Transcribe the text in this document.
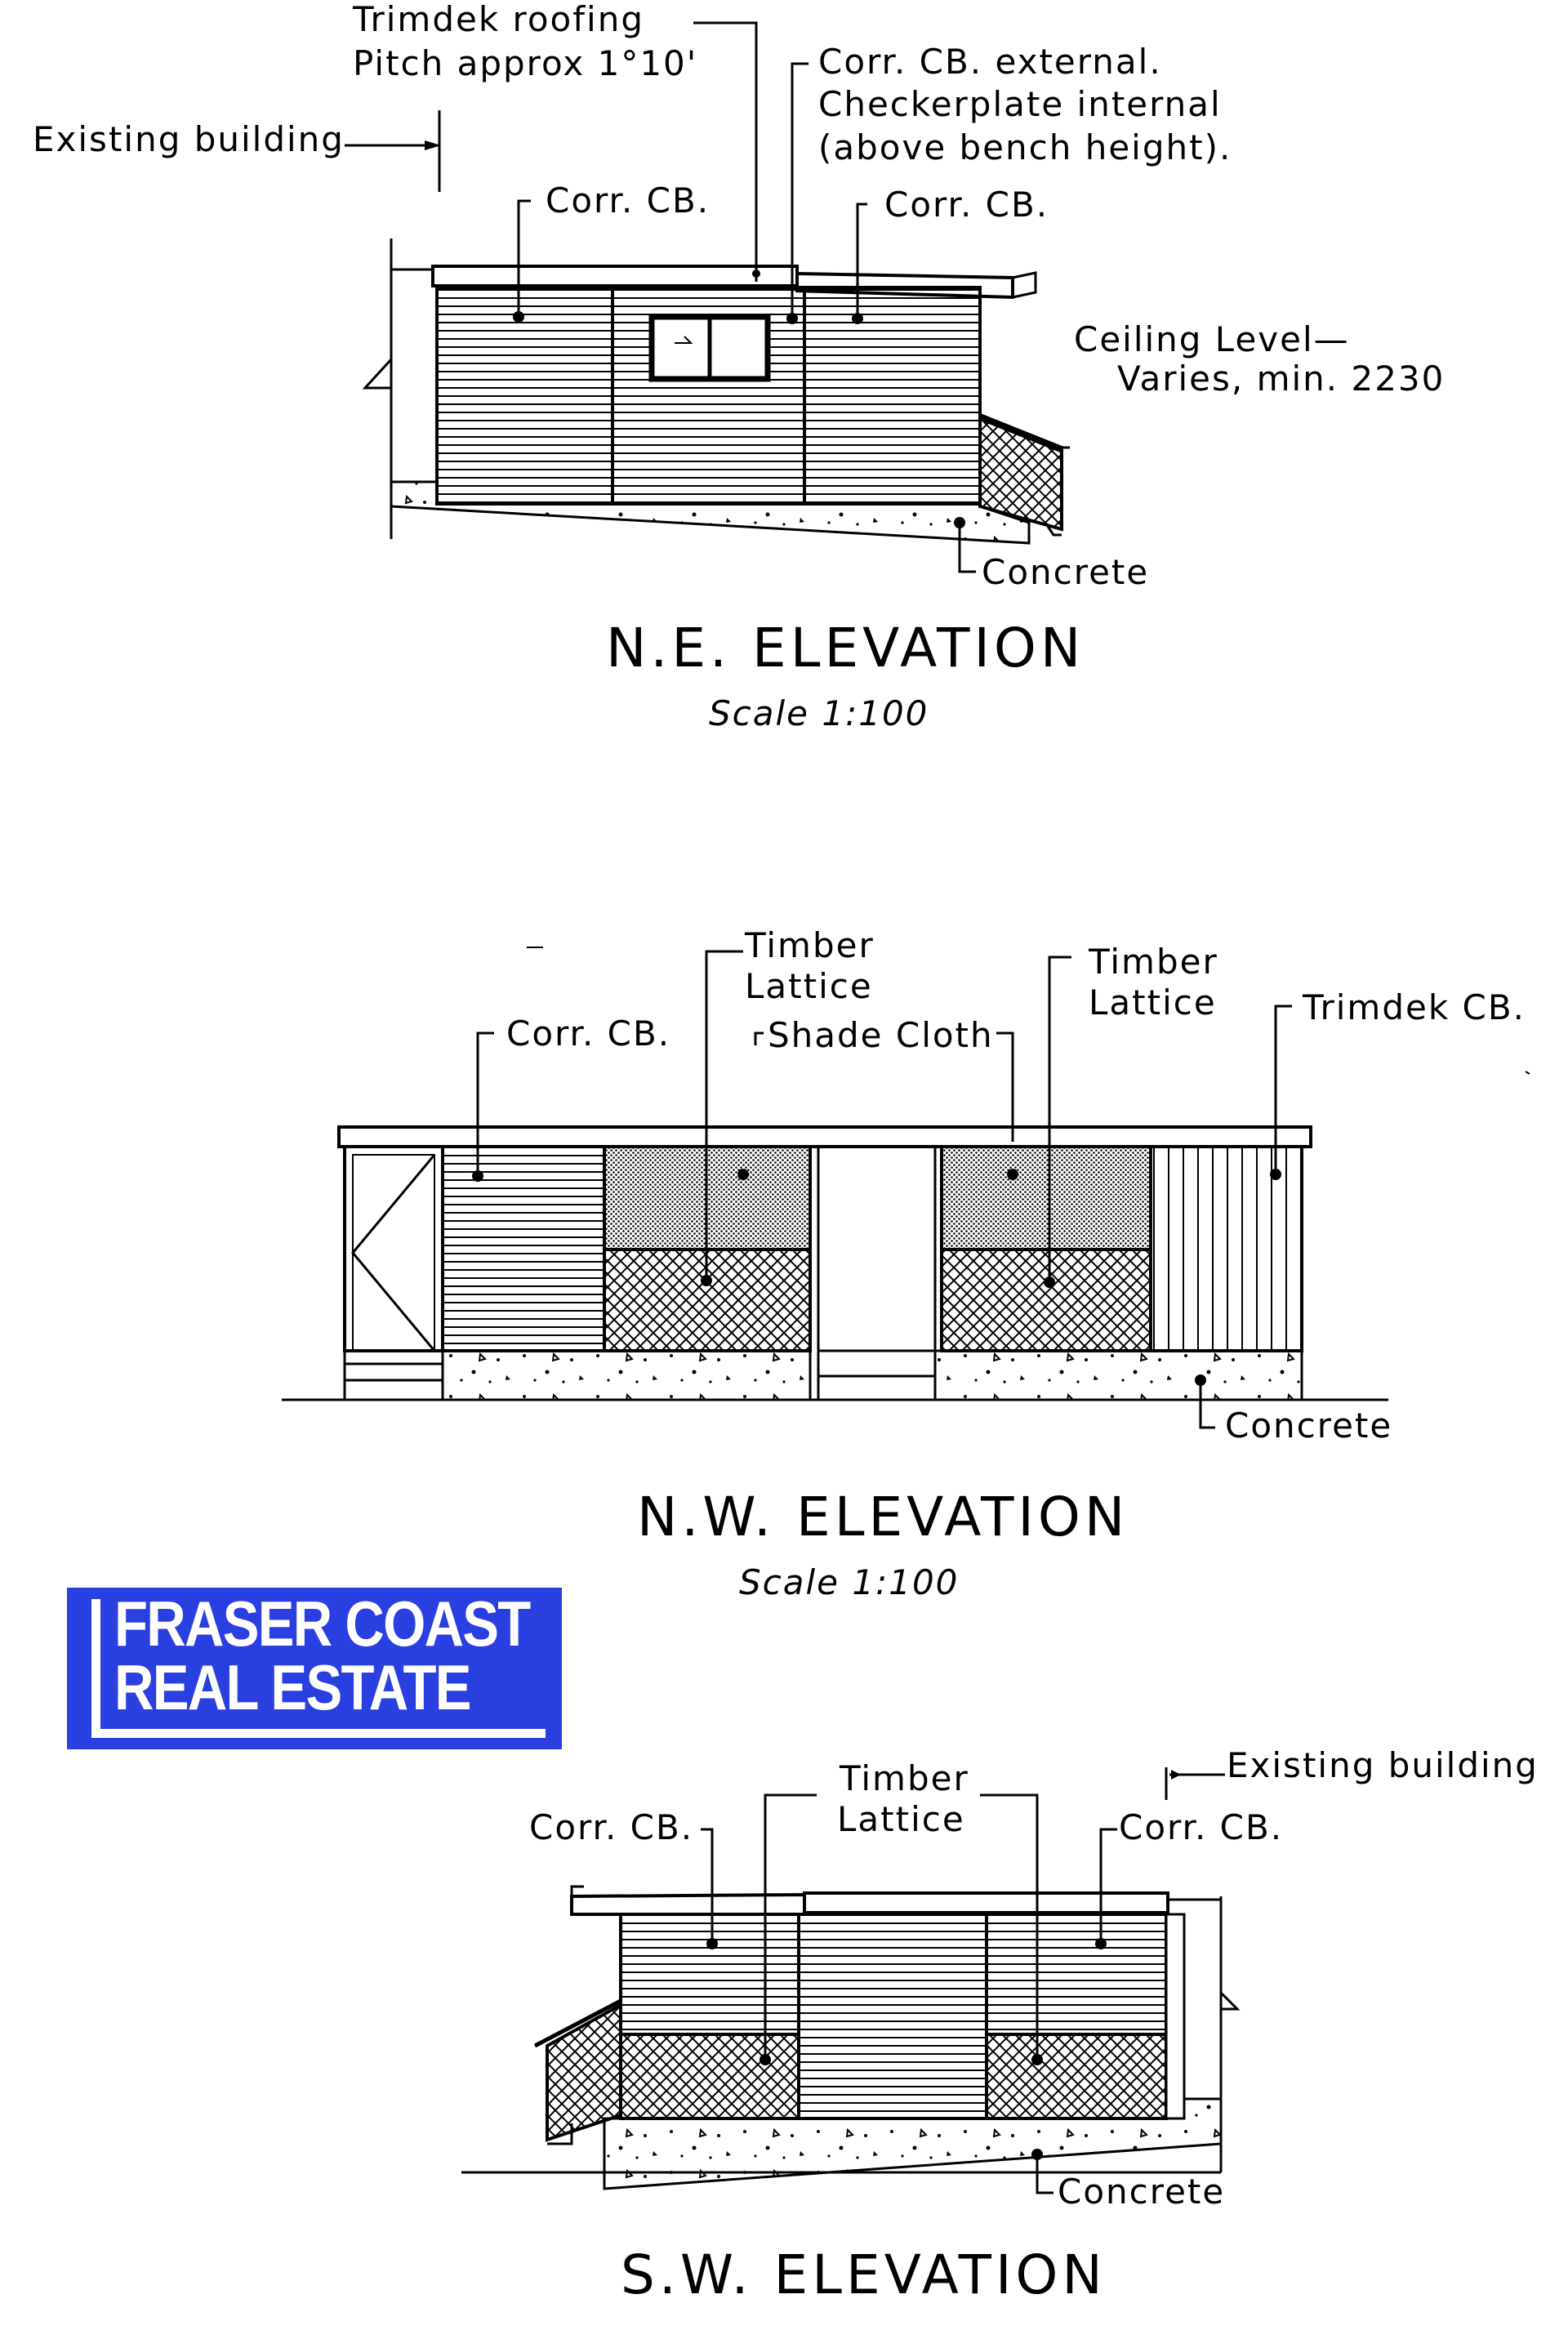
Trimdek roofing
Pitch approx 1°10'
Existing building
Corr. CB. external.
Checkerplate internal
(above bench height).
Corr. CB.	Corr. CB.
Ceiling Level—
Varies, min. 2230
Concrete
N.E. ELEVATION
Scale 1:100
Timber
Lattice
Timber
Lattice
Corr. CB.	Shade Cloth
Trimdek CB.
Concrete
N.W. ELEVATION
Scale 1:100
Timber
Lattice
Corr. CB.	Corr. CB.
Existing building
Concrete
S.W. ELEVATION
FRASER COAST
REAL ESTATE
